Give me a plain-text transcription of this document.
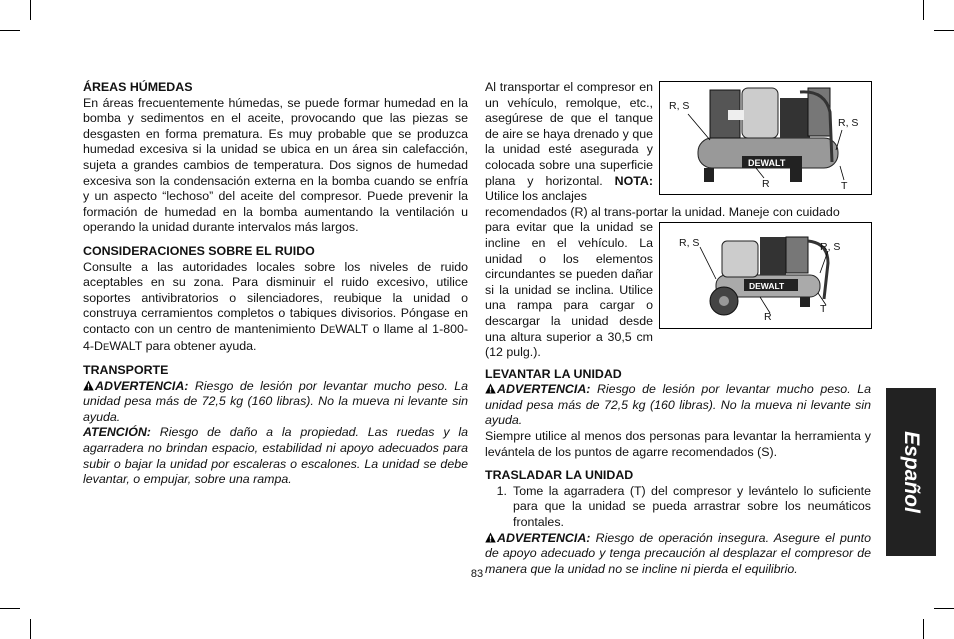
ÁREAS HÚMEDAS

En áreas frecuentemente húmedas, se puede formar humedad en la bomba y sedimentos en el aceite, provocando que las piezas se desgasten en forma prematura. Es muy probable que se produzca humedad excesiva si la unidad se ubica en un área sin calefacción, sujeta a grandes cambios de temperatura. Dos signos de humedad excesiva son la condensación externa en la bomba cuando se enfría y un aspecto “lechoso” del aceite del compresor. Puede prevenir la formación de humedad en la bomba aumentando la ventilación u operando la unidad durante intervalos más largos.

CONSIDERACIONES SOBRE EL RUIDO

Consulte a las autoridades locales sobre los niveles de ruido aceptables en su zona. Para disminuir el ruido excesivo, utilice soportes antivibratorios o silenciadores, reubique la unidad o construya cerramientos completos o tabiques divisorios. Póngase en contacto con un centro de mantenimiento DEWALT o llame al 1-800-4-DEWALT para obtener ayuda.

TRANSPORTE

ADVERTENCIA: Riesgo de lesión por levantar mucho peso. La unidad pesa más de 72,5 kg (160 libras). No la mueva ni levante sin ayuda.

ATENCIÓN: Riesgo de daño a la propiedad. Las ruedas y la agarradera no brindan espacio, estabilidad ni apoyo adecuados para subir o bajar la unidad por escaleras o escalones. La unidad se debe levantar, o empujar, sobre una rampa.

Al transportar el compresor en un vehículo, remolque, etc., asegúrese de que el tanque de aire se haya drenado y que la unidad esté asegurada y colocada sobre una superficie plana y horizontal. NOTA: Utilice los anclajes

recomendados (R) al trans-portar la unidad. Maneje con cuidado

para evitar que la unidad se incline en el vehículo. La unidad o los elementos circundantes se pueden dañar si la unidad se inclina. Utilice una rampa para cargar o descargar la unidad desde una altura superior a 30,5 cm (12 pulg.).

LEVANTAR LA UNIDAD

ADVERTENCIA: Riesgo de lesión por levantar mucho peso. La unidad pesa más de 72,5 kg (160 libras). No la mueva ni levante sin ayuda.

Siempre utilice al menos dos personas para levantar la herramienta y levántela de los puntos de agarre recomendados (S).

TRASLADAR LA UNIDAD

1. Tome la agarradera (T) del compresor y levántelo lo suficiente para que la unidad se pueda arrastrar sobre los neumáticos frontales.

ADVERTENCIA: Riesgo de operación insegura. Asegure el punto de apoyo adecuado y tenga precaución al desplazar el compresor de manera que la unidad no se incline ni pierda el equilibrio.

DEWALT
R, S
R, S
R	T
DEWALT
R, S	R, S
R
T
Español
83
